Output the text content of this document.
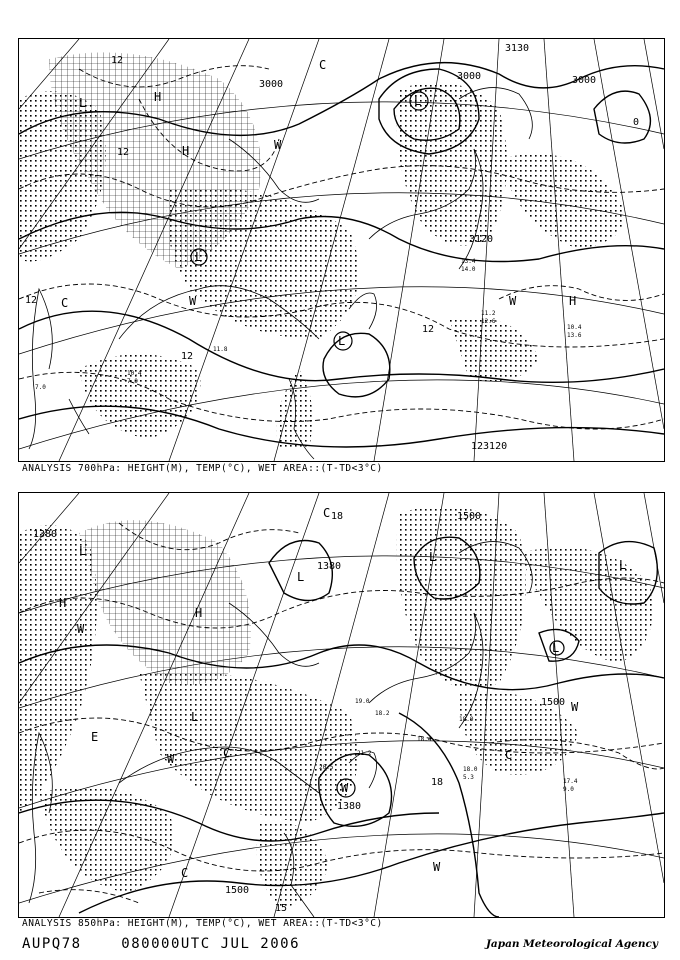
L
L
L
L	H
H
H
W
W	W
C
C
3000
3000	3000
3130
3120
123120
12
12
12
12
0
12
11.2
12.6
10.4
13.6
14.0
13.4
10.4
7.0
11.8
7.0
ANALYSIS 700hPa: HEIGHT(M), TEMP(°C), WET AREA::(T-TD<3°C)
L
L
L
L
L
L
H
H
W
W
W
W
W
C
C
C
C
E
1500
1500
1500
1380
1380
1380
18
18
15
18.0
5.3
17.4
9.0
18.0
18.2
19.0
21.2
20.5
18.4
ANALYSIS 850hPa: HEIGHT(M), TEMP(°C), WET AREA::(T-TD<3°C)
AUPQ78	080000UTC JUL 2006	Japan Meteorological Agency
